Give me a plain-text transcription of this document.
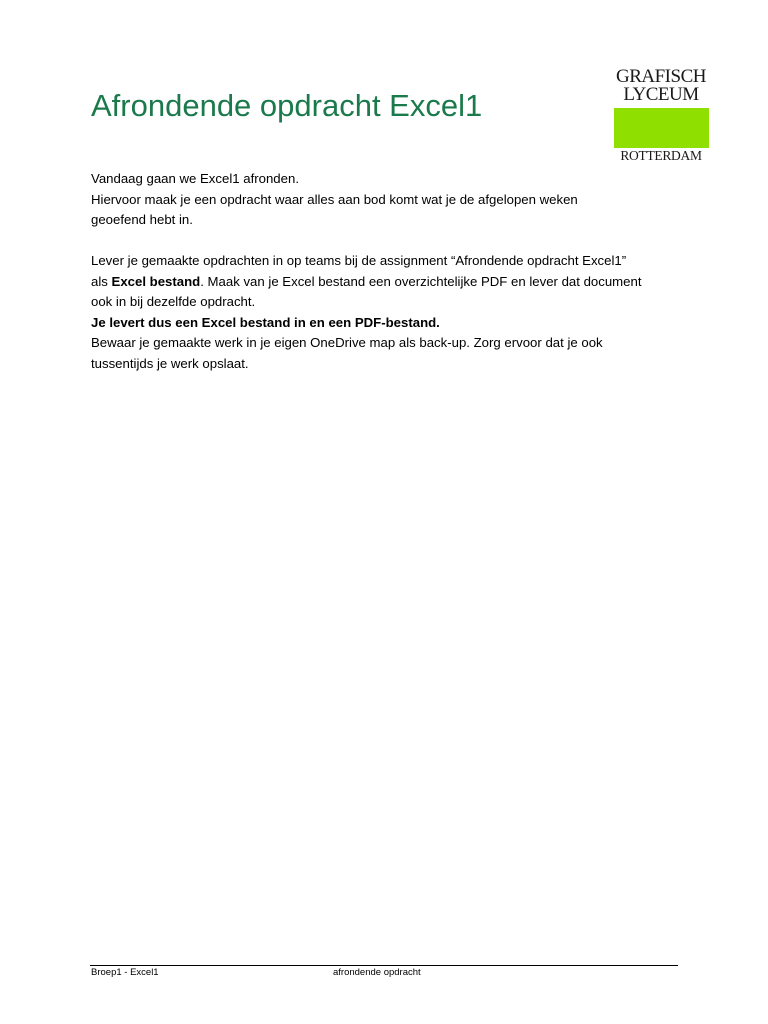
Afrondende opdracht Excel1
GRAFISCH
LYCEUM
ROTTERDAM

Vandaag gaan we Excel1 afronden.
Hiervoor maak je een opdracht waar alles aan bod komt wat je de afgelopen weken
geoefend hebt in.

Lever je gemaakte opdrachten in op teams bij de assignment “Afrondende opdracht Excel1”
als Excel bestand. Maak van je Excel bestand een overzichtelijke PDF en lever dat document
ook in bij dezelfde opdracht.
Je levert dus een Excel bestand in en een PDF-bestand.
Bewaar je gemaakte werk in je eigen OneDrive map als back-up. Zorg ervoor dat je ook
tussentijds je werk opslaat.

Broep1 - Excel1	afrondende opdracht
